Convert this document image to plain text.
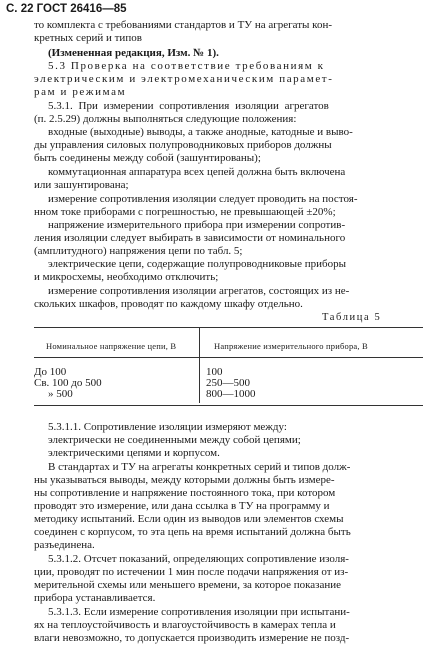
С. 22 ГОСТ 26416—85
то комплекта с требованиями стандартов и ТУ на агрегаты кон-
кретных серий и типов
(Измененная редакция, Изм. № 1).
5.3 Проверка на соответствие требованиям к
электрическим и электромеханическим парамет-
рам и режимам
5.3.1. При измерении сопротивления изоляции агрегатов
(п. 2.5.29) должны выполняться следующие положения:
входные (выходные) выводы, а также анодные, катодные и выво-
ды управления силовых полупроводниковых приборов должны
быть соединены между собой (зашунтированы);
коммутационная аппаратура всех цепей должна быть включена
или зашунтирована;
измерение сопротивления изоляции следует проводить на постоя-
нном токе приборами с погрешностью, не превышающей ±20%;
напряжение измерительного прибора при измерении сопротив-
ления изоляции следует выбирать в зависимости от номинального
(амплитудного) напряжения цепи по табл. 5;
электрические цепи, содержащие полупроводниковые приборы
и микросхемы, необходимо отключить;
измерение сопротивления изоляции агрегатов, состоящих из не-
скольких шкафов, проводят по каждому шкафу отдельно.
Таблица 5
Номинальное напряжение цепи, В	Напряжение измерительного прибора, В
До 100	100
Св. 100 до 500	250—500
» 500	800—1000
5.3.1.1. Сопротивление изоляции измеряют между:
электрически не соединенными между собой цепями;
электрическими цепями и корпусом.
В стандартах и ТУ на агрегаты конкретных серий и типов долж-
ны указываться выводы, между которыми должны быть измере-
ны сопротивление и напряжение постоянного тока, при котором
проводят это измерение, или дана ссылка в ТУ на программу и
методику испытаний. Если один из выводов или элементов схемы
соединен с корпусом, то эта цепь на время испытаний должна быть
разъединена.
5.3.1.2. Отсчет показаний, определяющих сопротивление изоля-
ции, проводят по истечении 1 мин после подачи напряжения от из-
мерительной схемы или меньшего времени, за которое показание
прибора устанавливается.
5.3.1.3. Если измерение сопротивления изоляции при испытани-
ях на теплоустойчивость и влагоустойчивость в камерах тепла и
влаги невозможно, то допускается производить измерение не позд-
